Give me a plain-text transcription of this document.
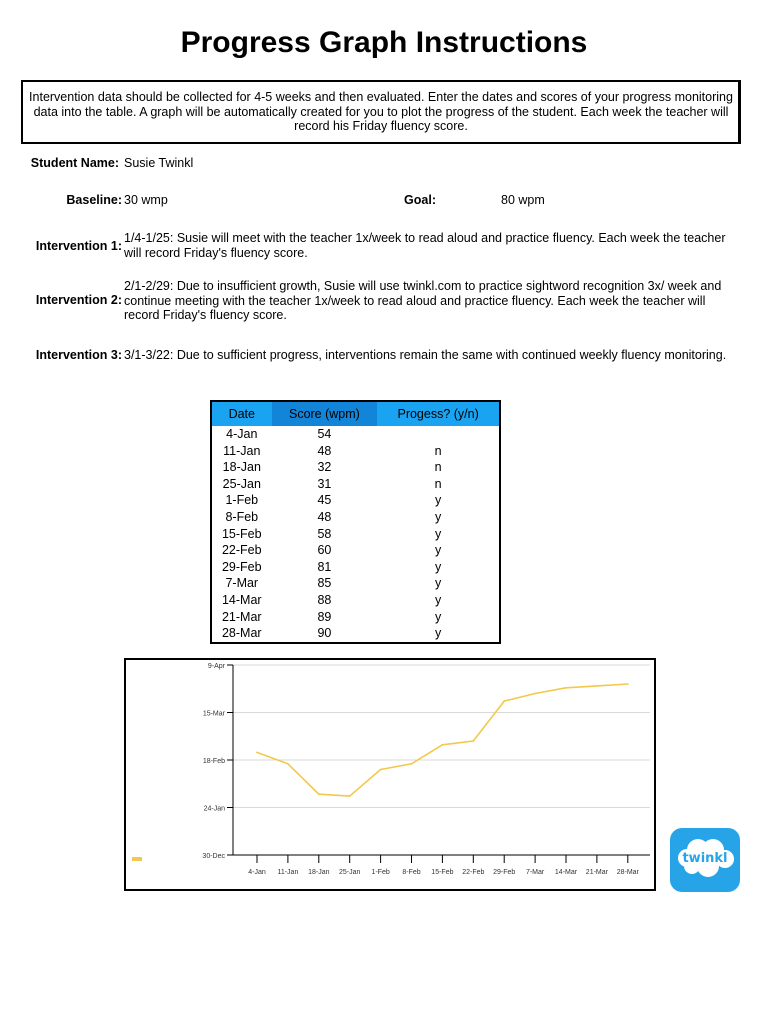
Progress Graph Instructions
Intervention data should be collected for 4-5 weeks and then evaluated. Enter the dates and scores of your progress monitoring data into the table. A graph will be automatically created for you to plot the progress of the student. Each week the teacher will record his Friday fluency score.
Student Name: Susie Twinkl
Baseline: 30 wmp	Goal:	80 wpm
Intervention 1:
1/4-1/25: Susie will meet with the teacher 1x/week to read aloud and practice fluency. Each week the teacher will record Friday's fluency score.
Intervention 2:
2/1-2/29: Due to insufficient growth, Susie will use twinkl.com to practice sightword recognition 3x/ week and continue meeting with the teacher 1x/week to read aloud and practice fluency. Each week the teacher will record Friday's fluency score.
Intervention 3: 3/1-3/22: Due to sufficient progress, interventions remain the same with continued weekly fluency monitoring.
Date	Score (wpm)	Progess? (y/n)
4-Jan	54	
11-Jan	48	n
18-Jan	32	n
25-Jan	31	n
1-Feb	45	y
8-Feb	48	y
15-Feb	58	y
22-Feb	60	y
29-Feb	81	y
7-Mar	85	y
14-Mar	88	y
21-Mar	89	y
28-Mar	90	y
30-Dec
24-Jan
18-Feb
15-Mar
9-Apr
4-Jan 11-Jan 18-Jan 25-Jan 1-Feb 8-Feb 15-Feb 22-Feb 29-Feb 7-Mar 14-Mar 21-Mar 28-Mar
twinkl
